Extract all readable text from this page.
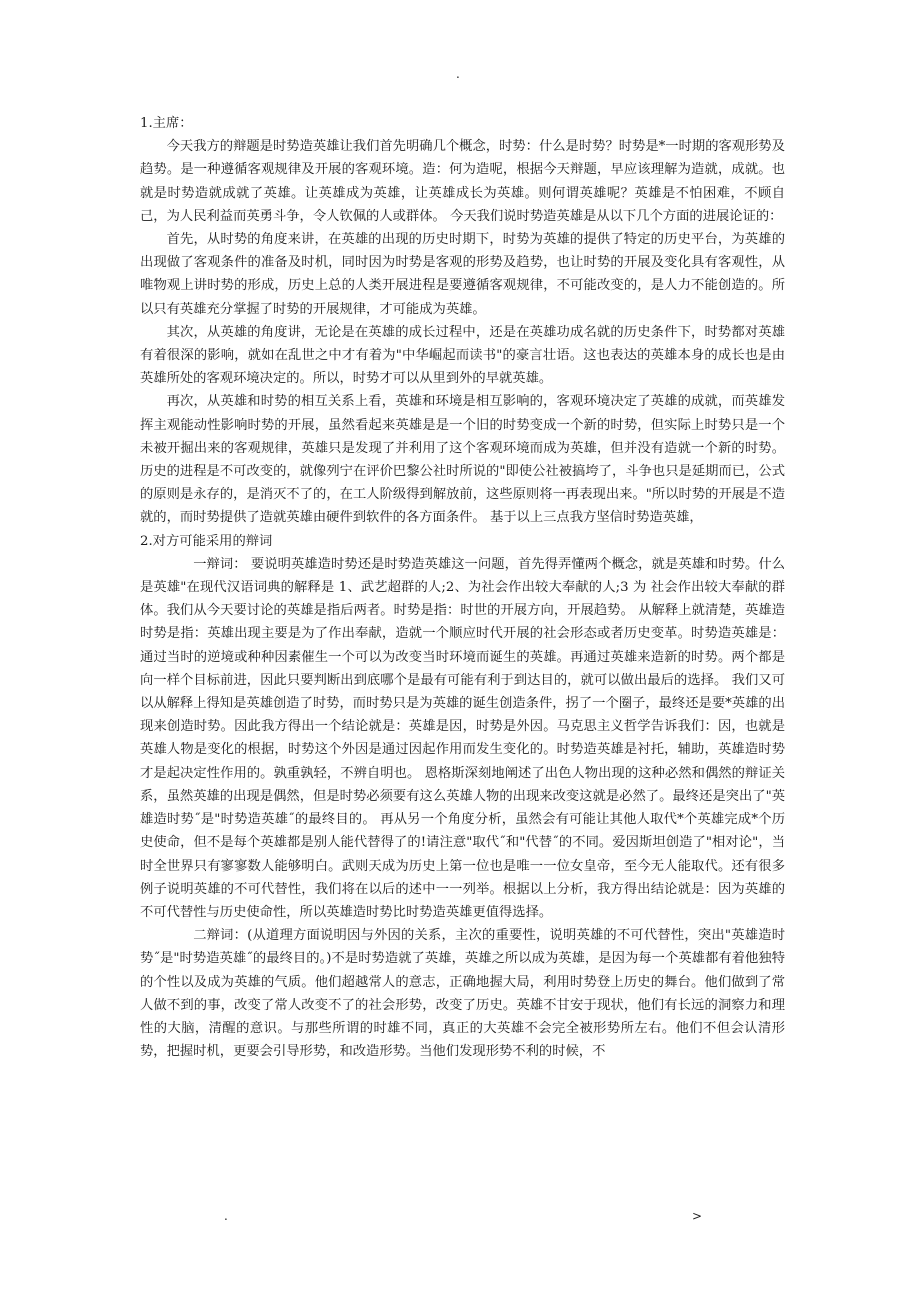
.

1.主席：

今天我方的辩题是时势造英雄让我们首先明确几个概念，时势：什么是时势？时势是*一时期的客观形势及趋势。是一种遵循客观规律及开展的客观环境。造：何为造呢，根据今天辩题，早应该理解为造就，成就。也就是时势造就成就了英雄。让英雄成为英雄，让英雄成长为英雄。则何谓英雄呢？英雄是不怕困难，不顾自己，为人民利益而英勇斗争，令人钦佩的人或群体。 今天我们说时势造英雄是从以下几个方面的进展论证的：

首先，从时势的角度来讲，在英雄的出现的历史时期下，时势为英雄的提供了特定的历史平台，为英雄的出现做了客观条件的准备及时机，同时因为时势是客观的形势及趋势，也让时势的开展及变化具有客观性，从唯物观上讲时势的形成，历史上总的人类开展进程是要遵循客观规律，不可能改变的，是人力不能创造的。所以只有英雄充分掌握了时势的开展规律，才可能成为英雄。

其次，从英雄的角度讲，无论是在英雄的成长过程中，还是在英雄功成名就的历史条件下，时势都对英雄有着很深的影响，就如在乱世之中才有着为"中华崛起而读书"的豪言壮语。这也表达的英雄本身的成长也是由英雄所处的客观环境决定的。所以，时势才可以从里到外的早就英雄。

再次，从英雄和时势的相互关系上看，英雄和环境是相互影响的，客观环境决定了英雄的成就，而英雄发挥主观能动性影响时势的开展，虽然看起来英雄是是一个旧的时势变成一个新的时势，但实际上时势只是一个未被开掘出来的客观规律，英雄只是发现了并利用了这个客观环境而成为英雄，但并没有造就一个新的时势。历史的进程是不可改变的，就像列宁在评价巴黎公社时所说的"即使公社被搞垮了，斗争也只是延期而已，公式的原则是永存的，是消灭不了的，在工人阶级得到解放前，这些原则将一再表现出来。"所以时势的开展是不造就的，而时势提供了造就英雄由硬件到软件的各方面条件。 基于以上三点我方坚信时势造英雄，

2.对方可能采用的辩词

一辩词： 要说明英雄造时势还是时势造英雄这一问题，首先得弄懂两个概念，就是英雄和时势。什么是英雄"在现代汉语词典的解释是 1、武艺超群的人;2、为社会作出较大奉献的人;3 为 社会作出较大奉献的群体。我们从今天要讨论的英雄是指后两者。时势是指：时世的开展方向，开展趋势。 从解释上就清楚，英雄造时势是指：英雄出现主要是为了作出奉献，造就一个顺应时代开展的社会形态或者历史变革。时势造英雄是：通过当时的逆境或种种因素催生一个可以为改变当时环境而诞生的英雄。再通过英雄来造新的时势。两个都是向一样个目标前进，因此只要判断出到底哪个是最有可能有利于到达目的，就可以做出最后的选择。 我们又可以从解释上得知是英雄创造了时势，而时势只是为英雄的诞生创造条件，拐了一个圈子，最终还是要*英雄的出现来创造时势。因此我方得出一个结论就是：英雄是因，时势是外因。马克思主义哲学告诉我们：因，也就是英雄人物是变化的根据，时势这个外因是通过因起作用而发生变化的。时势造英雄是衬托，辅助，英雄造时势才是起决定性作用的。孰重孰轻，不辨自明也。 恩格斯深刻地阐述了出色人物出现的这种必然和偶然的辩证关系，虽然英雄的出现是偶然，但是时势必须要有这么英雄人物的出现来改变这就是必然了。最终还是突出了"英雄造时势˝是"时势造英雄˝的最终目的。 再从另一个角度分析，虽然会有可能让其他人取代*个英雄完成*个历史使命，但不是每个英雄都是别人能代替得了的!请注意"取代˝和"代替˝的不同。爱因斯坦创造了"相对论"，当时全世界只有寥寥数人能够明白。武则天成为历史上第一位也是唯一一位女皇帝，至今无人能取代。还有很多例子说明英雄的不可代替性，我们将在以后的述中一一列举。根据以上分析，我方得出结论就是：因为英雄的不可代替性与历史使命性，所以英雄造时势比时势造英雄更值得选择。

二辩词：(从道理方面说明因与外因的关系，主次的重要性，说明英雄的不可代替性，突出"英雄造时势˝是"时势造英雄˝的最终目的。)不是时势造就了英雄，英雄之所以成为英雄，是因为每一个英雄都有着他独特的个性以及成为英雄的气质。他们超越常人的意志，正确地握大局，利用时势登上历史的舞台。他们做到了常人做不到的事，改变了常人改变不了的社会形势，改变了历史。英雄不甘安于现状，他们有长远的洞察力和理性的大脑，清醒的意识。与那些所谓的时雄不同，真正的大英雄不会完全被形势所左右。他们不但会认清形势，把握时机，更要会引导形势，和改造形势。当他们发现形势不利的时候，不

.	>
